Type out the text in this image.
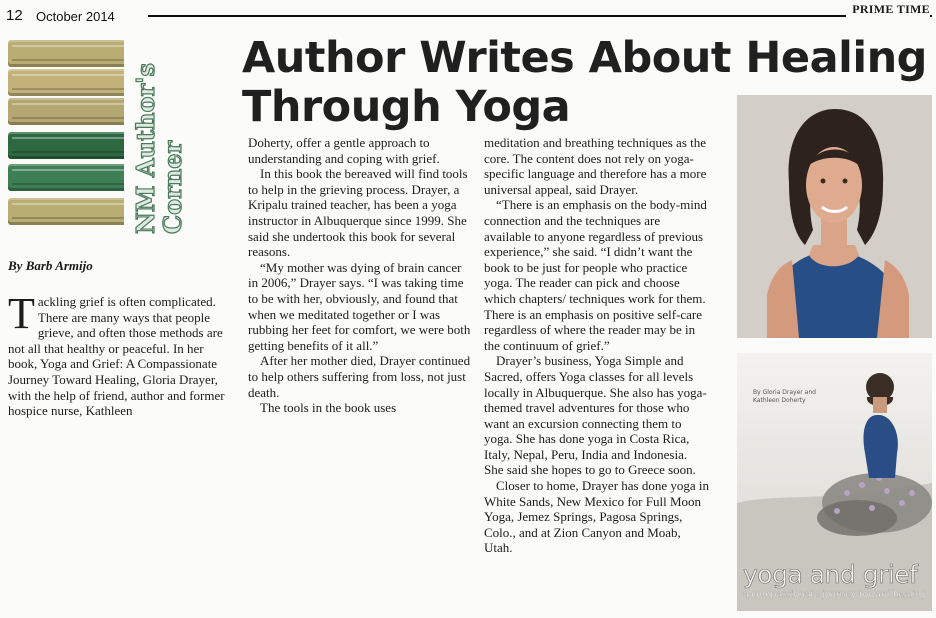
12 October 2014	PRIME TIME
NM Author's
Corner
Author Writes About Healing Through Yoga
By Barb Armijo

Tackling grief is often complicated. There are many ways that people grieve, and often those methods are not all that healthy or peaceful. In her book, Yoga and Grief: A Compassionate Journey Toward Healing, Gloria Drayer, with the help of friend, author and former hospice nurse, Kathleen

Doherty, offer a gentle approach to understanding and coping with grief.

In this book the bereaved will find tools to help in the grieving process. Drayer, a Kripalu trained teacher, has been a yoga instructor in Albuquerque since 1999. She said she undertook this book for several reasons.

“My mother was dying of brain cancer in 2006,” Drayer says. “I was taking time to be with her, obviously, and found that when we meditated together or I was rubbing her feet for comfort, we were both getting benefits of it all.”

After her mother died, Drayer continued to help others suffering from loss, not just death.

The tools in the book uses

meditation and breathing techniques as the core. The content does not rely on yoga-specific language and therefore has a more universal appeal, said Drayer.

“There is an emphasis on the body-mind connection and the techniques are available to anyone regardless of previous experience,” she said. “I didn’t want the book to be just for people who practice yoga. The reader can pick and choose which chapters/ techniques work for them. There is an emphasis on positive self-care regardless of where the reader may be in the continuum of grief.”

Drayer’s business, Yoga Simple and Sacred, offers Yoga classes for all levels locally in Albuquerque. She also has yoga-themed travel adventures for those who want an excursion connecting them to yoga. She has done yoga in Costa Rica, Italy, Nepal, Peru, India and Indonesia. She said she hopes to go to Greece soon.

Closer to home, Drayer has done yoga in White Sands, New Mexico for Full Moon Yoga, Jemez Springs, Pagosa Springs, Colo., and at Zion Canyon and Moab, Utah.

By Gloria Drayer and Kathleen Doherty
yoga and grief
a compassionate journey toward healing
